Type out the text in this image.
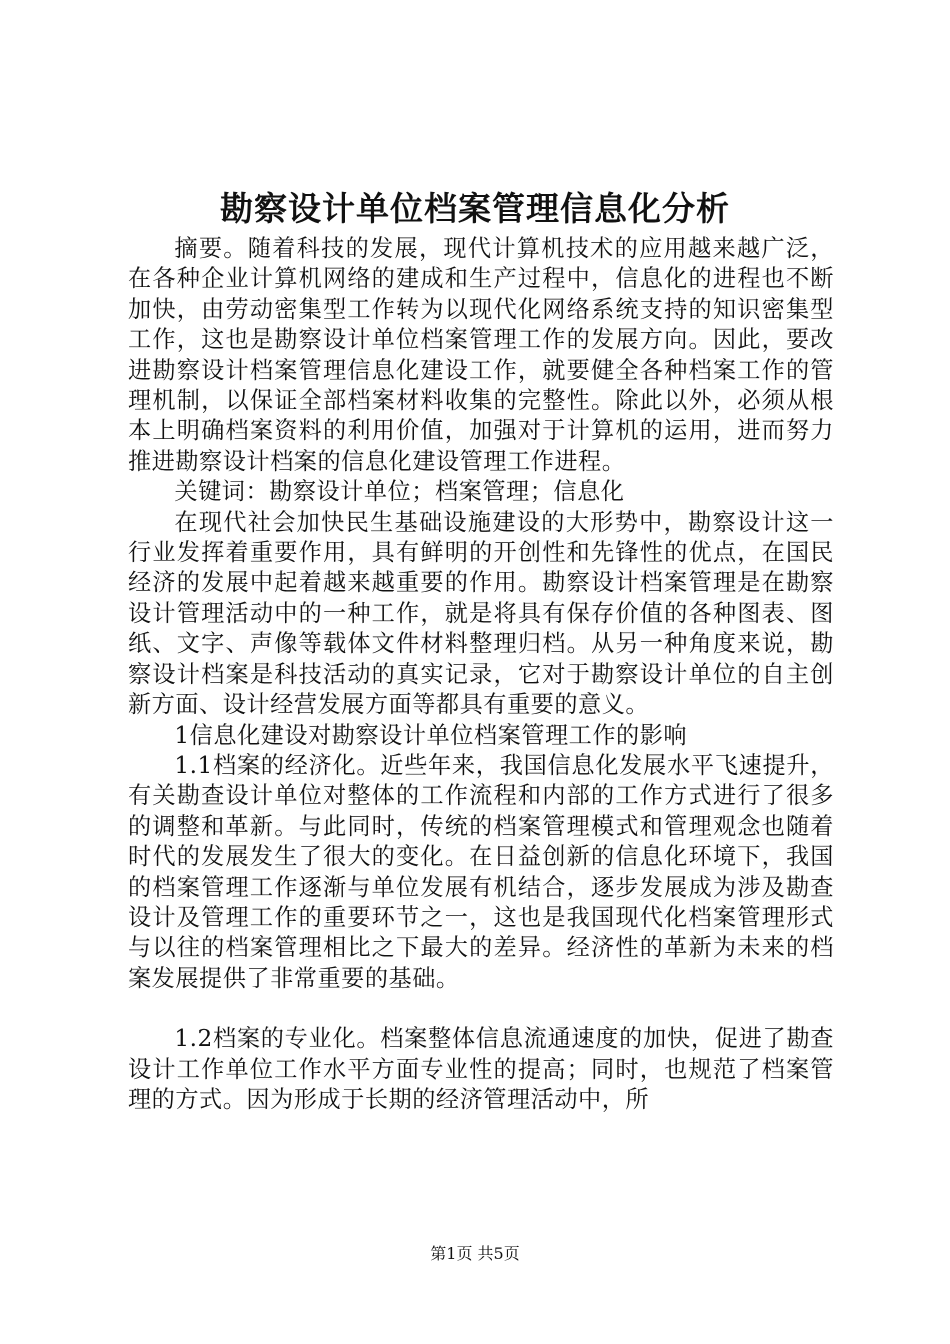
勘察设计单位档案管理信息化分析

摘要。随着科技的发展，现代计算机技术的应用越来越广泛，在各种企业计算机网络的建成和生产过程中，信息化的进程也不断加快，由劳动密集型工作转为以现代化网络系统支持的知识密集型工作，这也是勘察设计单位档案管理工作的发展方向。因此，要改进勘察设计档案管理信息化建设工作，就要健全各种档案工作的管理机制，以保证全部档案材料收集的完整性。除此以外，必须从根本上明确档案资料的利用价值，加强对于计算机的运用，进而努力推进勘察设计档案的信息化建设管理工作进程。

关键词：勘察设计单位；档案管理；信息化

在现代社会加快民生基础设施建设的大形势中，勘察设计这一行业发挥着重要作用，具有鲜明的开创性和先锋性的优点，在国民经济的发展中起着越来越重要的作用。勘察设计档案管理是在勘察设计管理活动中的一种工作，就是将具有保存价值的各种图表、图纸、文字、声像等载体文件材料整理归档。从另一种角度来说，勘察设计档案是科技活动的真实记录，它对于勘察设计单位的自主创新方面、设计经营发展方面等都具有重要的意义。

1信息化建设对勘察设计单位档案管理工作的影响

1.1档案的经济化。近些年来，我国信息化发展水平飞速提升，有关勘查设计单位对整体的工作流程和内部的工作方式进行了很多的调整和革新。与此同时，传统的档案管理模式和管理观念也随着时代的发展发生了很大的变化。在日益创新的信息化环境下，我国的档案管理工作逐渐与单位发展有机结合，逐步发展成为涉及勘查设计及管理工作的重要环节之一，这也是我国现代化档案管理形式与以往的档案管理相比之下最大的差异。经济性的革新为未来的档案发展提供了非常重要的基础。

1.2档案的专业化。档案整体信息流通速度的加快，促进了勘查设计工作单位工作水平方面专业性的提高；同时，也规范了档案管理的方式。因为形成于长期的经济管理活动中，所

第1页 共5页
